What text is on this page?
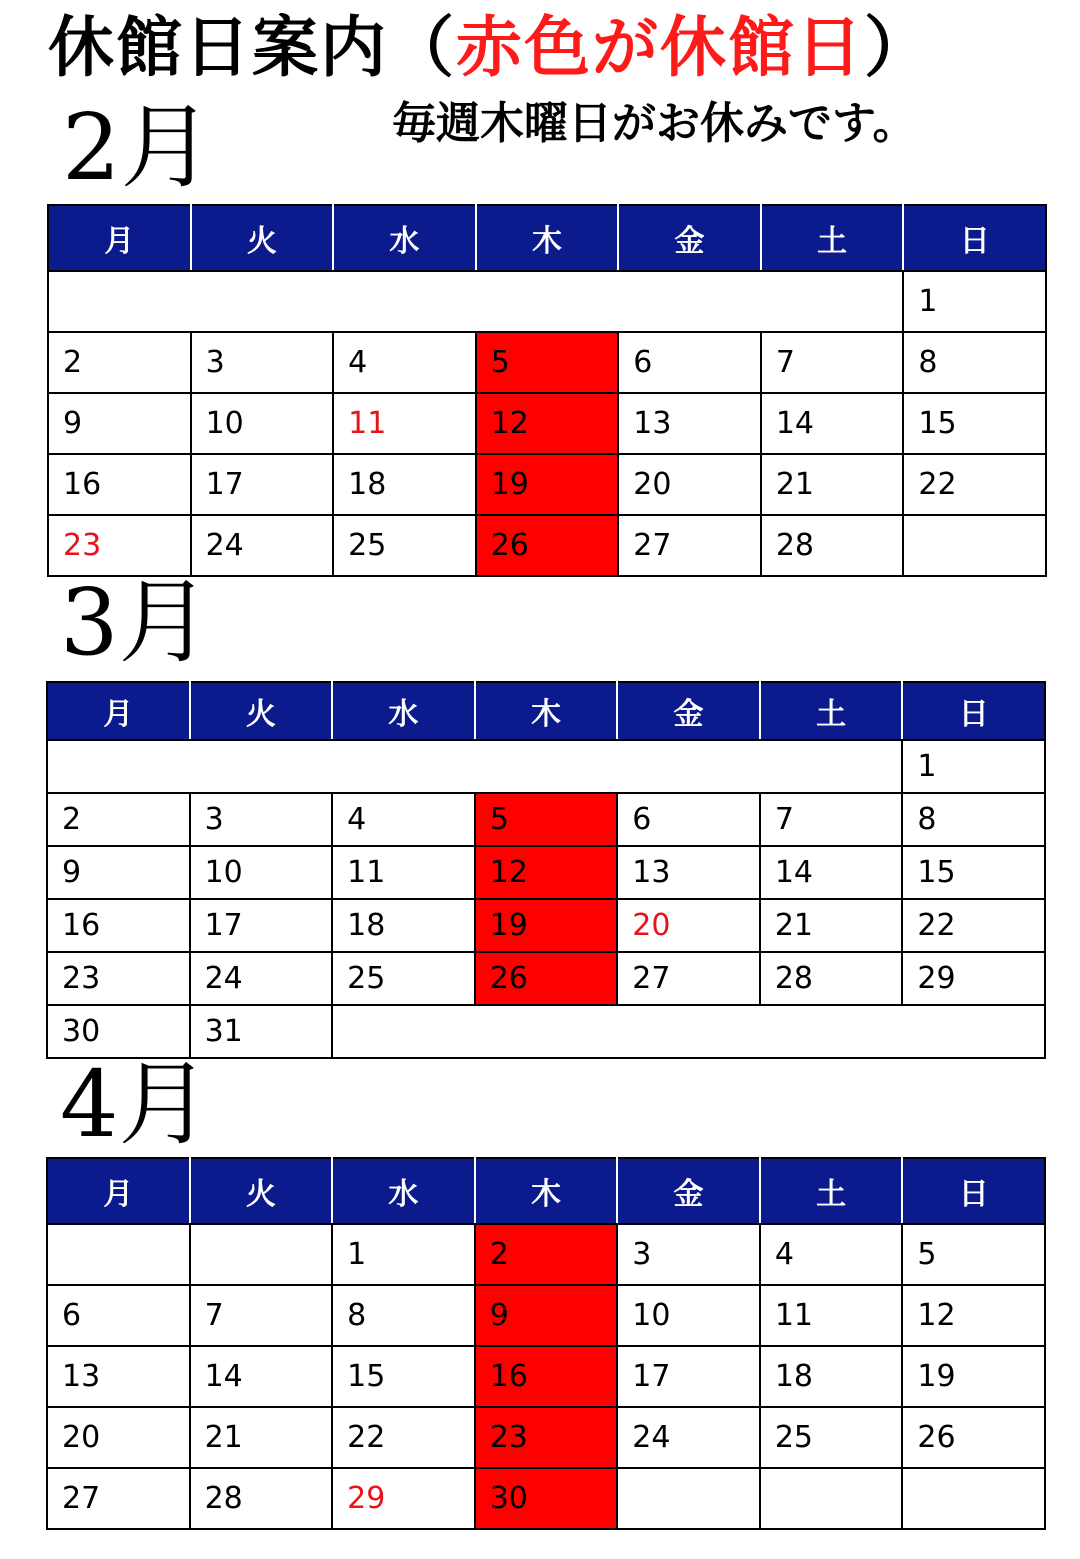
休館日案内（赤色が休館日）
毎週木曜日がお休みです。
2月
月	火	水	木	金	土	日
						1
2	3	4	5	6	7	8
9	10	11	12	13	14	15
16	17	18	19	20	21	22
23	24	25	26	27	28	
3月
月	火	水	木	金	土	日
						1
2	3	4	5	6	7	8
9	10	11	12	13	14	15
16	17	18	19	20	21	22
23	24	25	26	27	28	29
30	31					
4月
月	火	水	木	金	土	日
		1	2	3	4	5
6	7	8	9	10	11	12
13	14	15	16	17	18	19
20	21	22	23	24	25	26
27	28	29	30			
